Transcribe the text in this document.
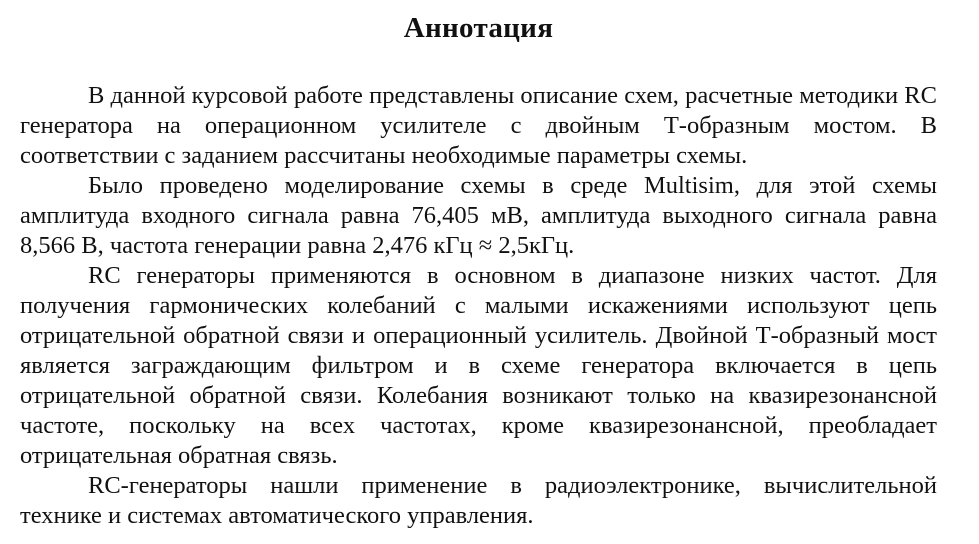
Аннотация

В данной курсовой работе представлены описание схем, расчетные методики RC генератора на операционном усилителе с двойным Т-образным мостом. В соответствии с заданием рассчитаны необходимые параметры схемы.

Было проведено моделирование схемы в среде Multisim, для этой схемы амплитуда входного сигнала равна 76,405 мВ, амплитуда выходного сигнала равна 8,566 В, частота генерации равна 2,476 кГц ≈ 2,5кГц.

RC генераторы применяются в основном в диапазоне низких частот. Для получения гармонических колебаний с малыми искажениями используют цепь отрицательной обратной связи и операционный усилитель. Двойной Т-образный мост является заграждающим фильтром и в схеме генератора включается в цепь отрицательной обратной связи. Колебания возникают только на квазирезонансной частоте, поскольку на всех частотах, кроме квазирезонансной, преобладает отрицательная обратная связь.

RC-генераторы нашли применение в радиоэлектронике, вычислительной технике и системах автоматического управления.
